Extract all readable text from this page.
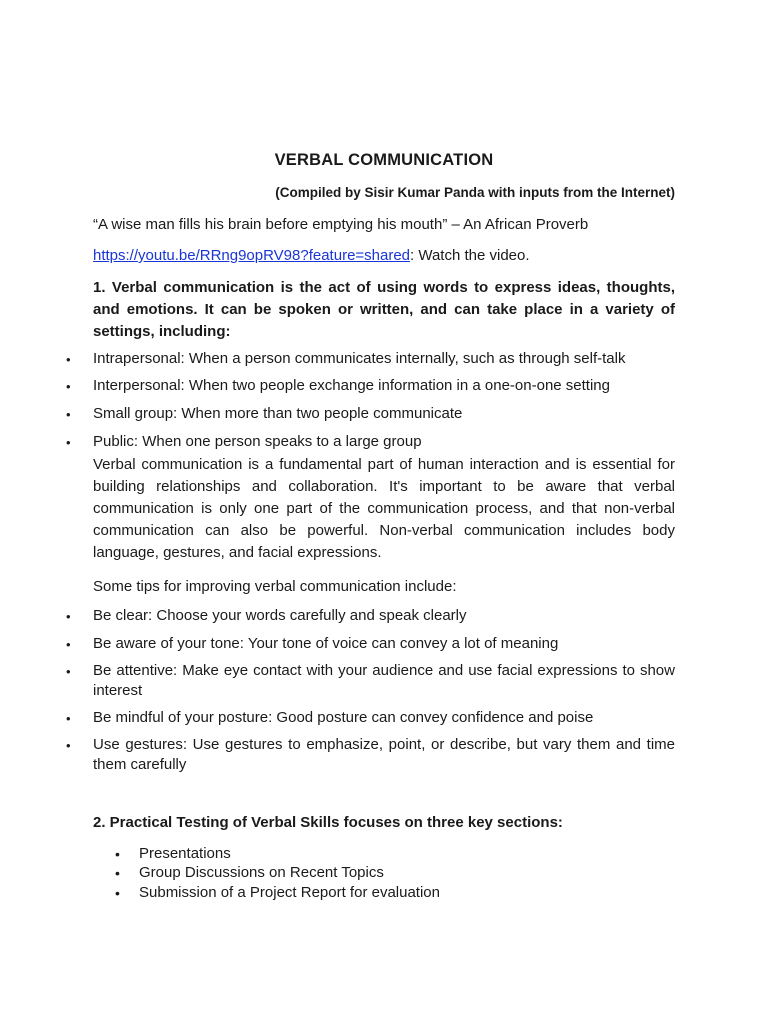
VERBAL COMMUNICATION
(Compiled by Sisir Kumar Panda with inputs from the Internet)
“A wise man fills his brain before emptying his mouth” – An African Proverb
https://youtu.be/RRng9opRV98?feature=shared: Watch the video.
1. Verbal communication is the act of using words to express ideas, thoughts, and emotions. It can be spoken or written, and can take place in a variety of settings, including:
• Intrapersonal: When a person communicates internally, such as through self-talk
• Interpersonal: When two people exchange information in a one-on-one setting
• Small group: When more than two people communicate
• Public: When one person speaks to a large group
Verbal communication is a fundamental part of human interaction and is essential for building relationships and collaboration. It's important to be aware that verbal communication is only one part of the communication process, and that non-verbal communication can also be powerful. Non-verbal communication includes body language, gestures, and facial expressions.
Some tips for improving verbal communication include:
• Be clear: Choose your words carefully and speak clearly
• Be aware of your tone: Your tone of voice can convey a lot of meaning
• Be attentive: Make eye contact with your audience and use facial expressions to show interest
• Be mindful of your posture: Good posture can convey confidence and poise
• Use gestures: Use gestures to emphasize, point, or describe, but vary them and time them carefully
2. Practical Testing of Verbal Skills focuses on three key sections:
• Presentations
• Group Discussions on Recent Topics
• Submission of a Project Report for evaluation
